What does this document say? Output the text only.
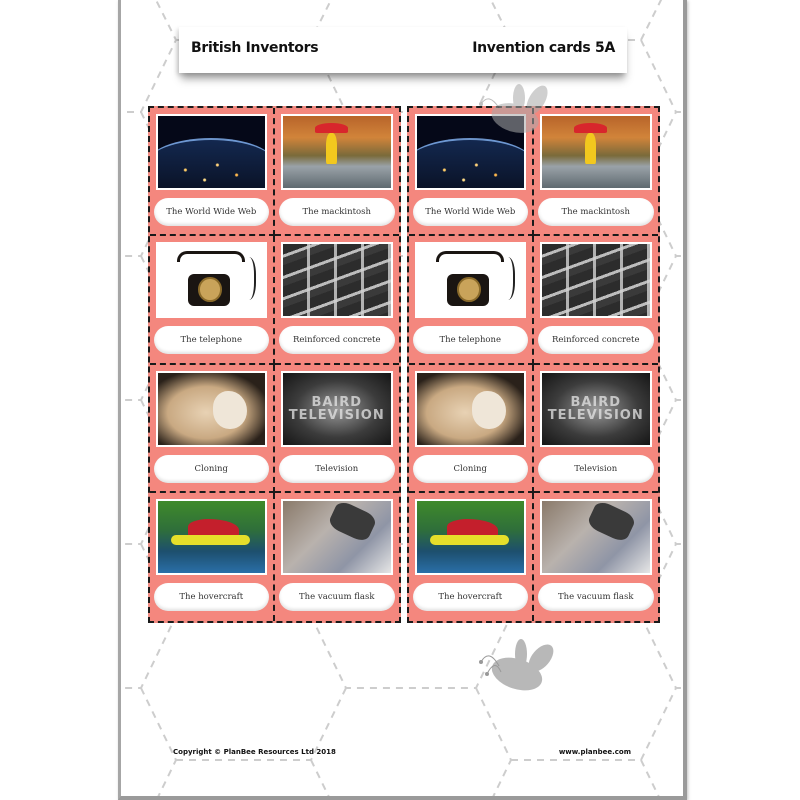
British Inventors	Invention cards 5A
The World Wide Web	The mackintosh
The telephone	Reinforced concrete
Cloning
BAIRD TELEVISION
Television
The hovercraft	The vacuum flask
The World Wide Web	The mackintosh
The telephone	Reinforced concrete
Cloning
BAIRD TELEVISION
Television
The hovercraft	The vacuum flask
Copyright © PlanBee Resources Ltd 2018	www.planbee.com
